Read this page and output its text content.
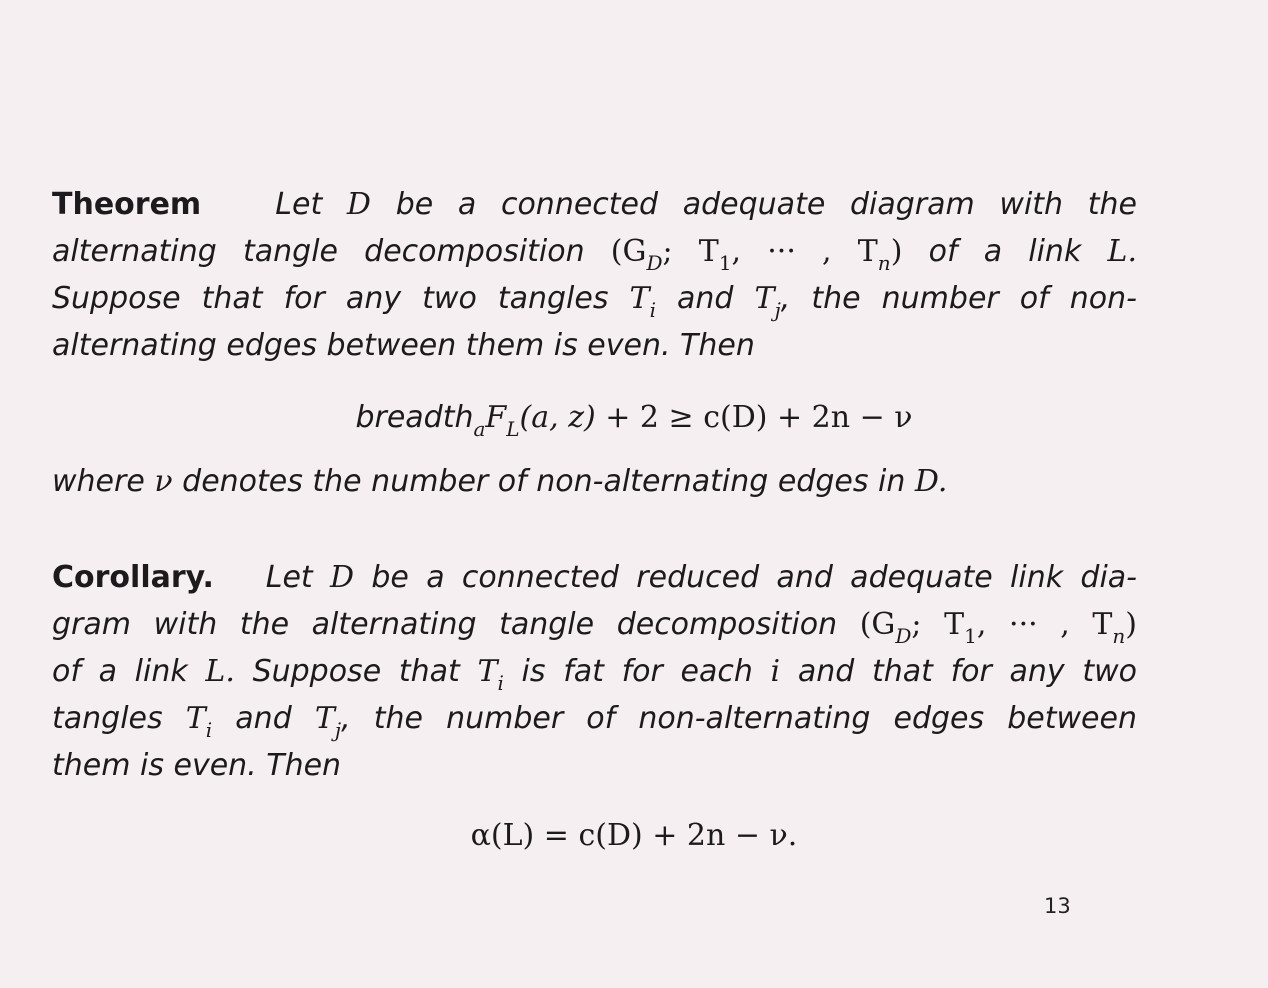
Theorem Let D be a connected adequate diagram with the
alternating tangle decomposition ($G_D$; $T_1$, ··· , $T_n$) of a link L.
Suppose that for any two tangles $T_i$ and $T_j$, the number of non-
alternating edges between them is even. Then
$breadth_aF_L(a$, z) + 2 ≥ c(D) + 2n − ν
where ν denotes the number of non-alternating edges in D.
Corollary. Let D be a connected reduced and adequate link dia-
gram with the alternating tangle decomposition ($G_D$; $T_1$, ··· , $T_n$)
of a link L. Suppose that $T_i$ is fat for each i and that for any two
tangles $T_i$ and $T_j$, the number of non-alternating edges between
them is even. Then
α(L) = c(D) + 2n − ν.
13
